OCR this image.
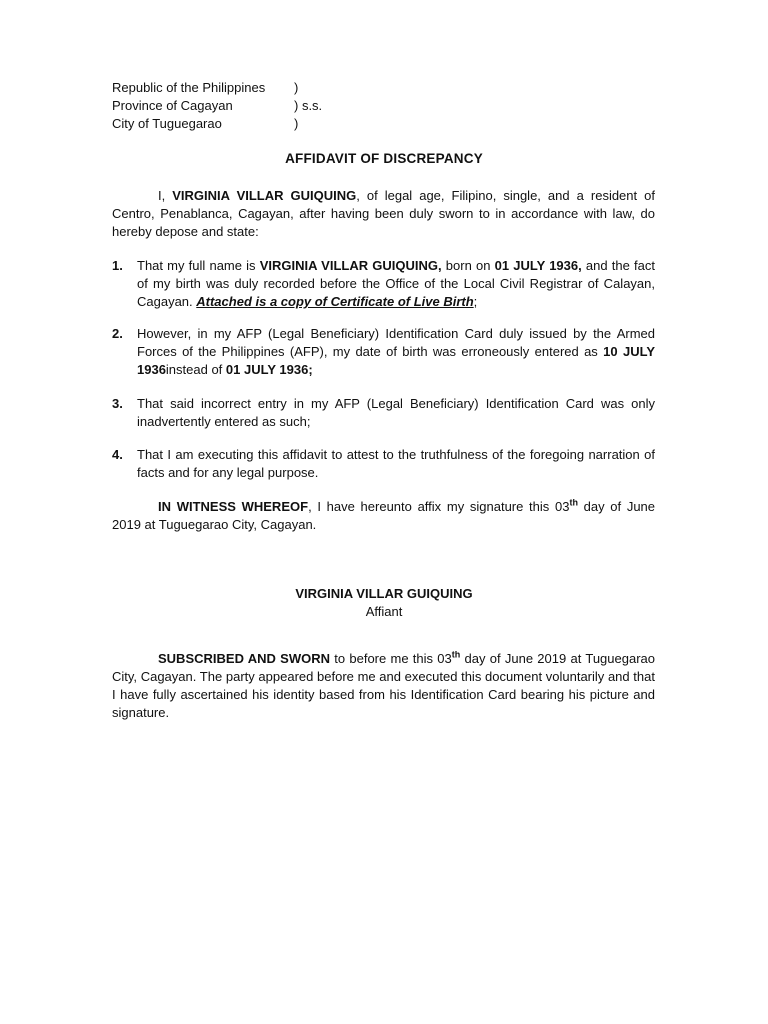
Republic of the Philippines	)
Province of Cagayan	) s.s.
City of Tuguegarao	)
AFFIDAVIT OF DISCREPANCY
I, VIRGINIA VILLAR GUIQUING, of legal age, Filipino, single, and a resident of Centro, Penablanca, Cagayan, after having been duly sworn to in accordance with law, do hereby depose and state:
1.	That my full name is VIRGINIA VILLAR GUIQUING, born on 01 JULY 1936, and the fact of my birth was duly recorded before the Office of the Local Civil Registrar of Calayan, Cagayan. Attached is a copy of Certificate of Live Birth;
2.	However, in my AFP (Legal Beneficiary) Identification Card duly issued by the Armed Forces of the Philippines (AFP), my date of birth was erroneously entered as 10 JULY 1936instead of 01 JULY 1936;
3.	That said incorrect entry in my AFP (Legal Beneficiary) Identification Card was only inadvertently entered as such;
4.	That I am executing this affidavit to attest to the truthfulness of the foregoing narration of facts and for any legal purpose.
IN WITNESS WHEREOF, I have hereunto affix my signature this 03th day of June 2019 at Tuguegarao City, Cagayan.
VIRGINIA VILLAR GUIQUING
Affiant
SUBSCRIBED AND SWORN to before me this 03th day of June 2019 at Tuguegarao City, Cagayan. The party appeared before me and executed this document voluntarily and that I have fully ascertained his identity based from his Identification Card bearing his picture and signature.
